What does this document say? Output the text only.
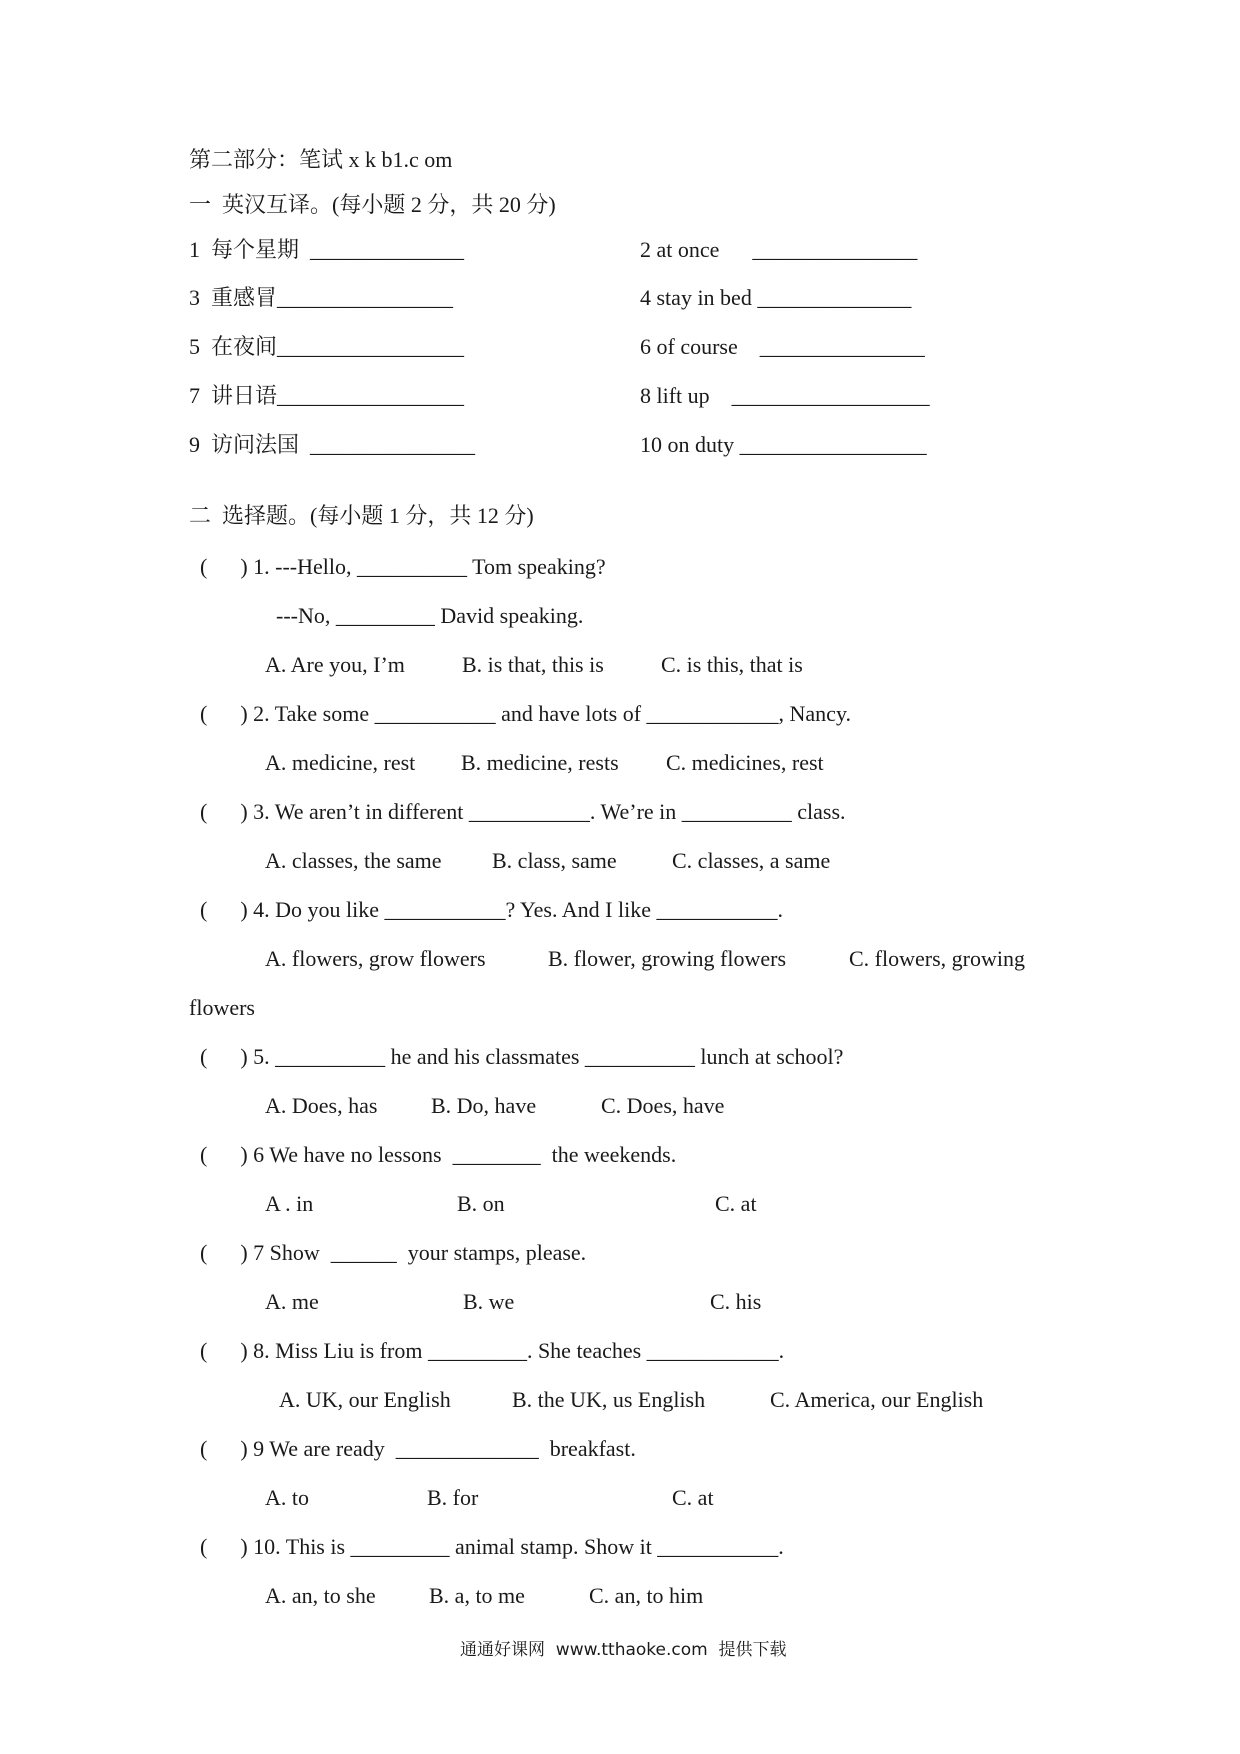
第二部分：笔试 x k b1.c om
一  英汉互译。(每小题 2 分，共 20 分)
1  每个星期  ______________	2 at once      _______________
3  重感冒________________	4 stay in bed ______________
5  在夜间_________________	6 of course    _______________
7  讲日语_________________	8 lift up    __________________
9  访问法国  _______________	10 on duty _________________
二  选择题。(每小题 1 分，共 12 分)
(      ) 1. ---Hello, __________ Tom speaking?
---No, _________ David speaking.
A. Are you, I’m	B. is that, this is	C. is this, that is
(      ) 2. Take some ___________ and have lots of ____________, Nancy.
A. medicine, rest B. medicine, rests C. medicines, rest
(      ) 3. We aren’t in different ___________. We’re in __________ class.
A. classes, the same B. class, same	C. classes, a same
(      ) 4. Do you like ___________? Yes. And I like ___________.
A. flowers, grow flowers	B. flower, growing flowers	C. flowers, growing
flowers
(      ) 5. __________ he and his classmates __________ lunch at school?
A. Does, has B. Do, have	C. Does, have
(      ) 6 We have no lessons  ________  the weekends.
A . in	B. on	C. at
(      ) 7 Show  ______  your stamps, please.
A. me	B. we	C. his
(      ) 8. Miss Liu is from _________. She teaches ____________.
A. UK, our English	B. the UK, us English	C. America, our English
(      ) 9 We are ready  _____________  breakfast.
A. to	B. for	C. at
(      ) 10. This is _________ animal stamp. Show it ___________.
A. an, to she B. a, to me	C. an, to him
通通好课网  www.tthaoke.com  提供下载
